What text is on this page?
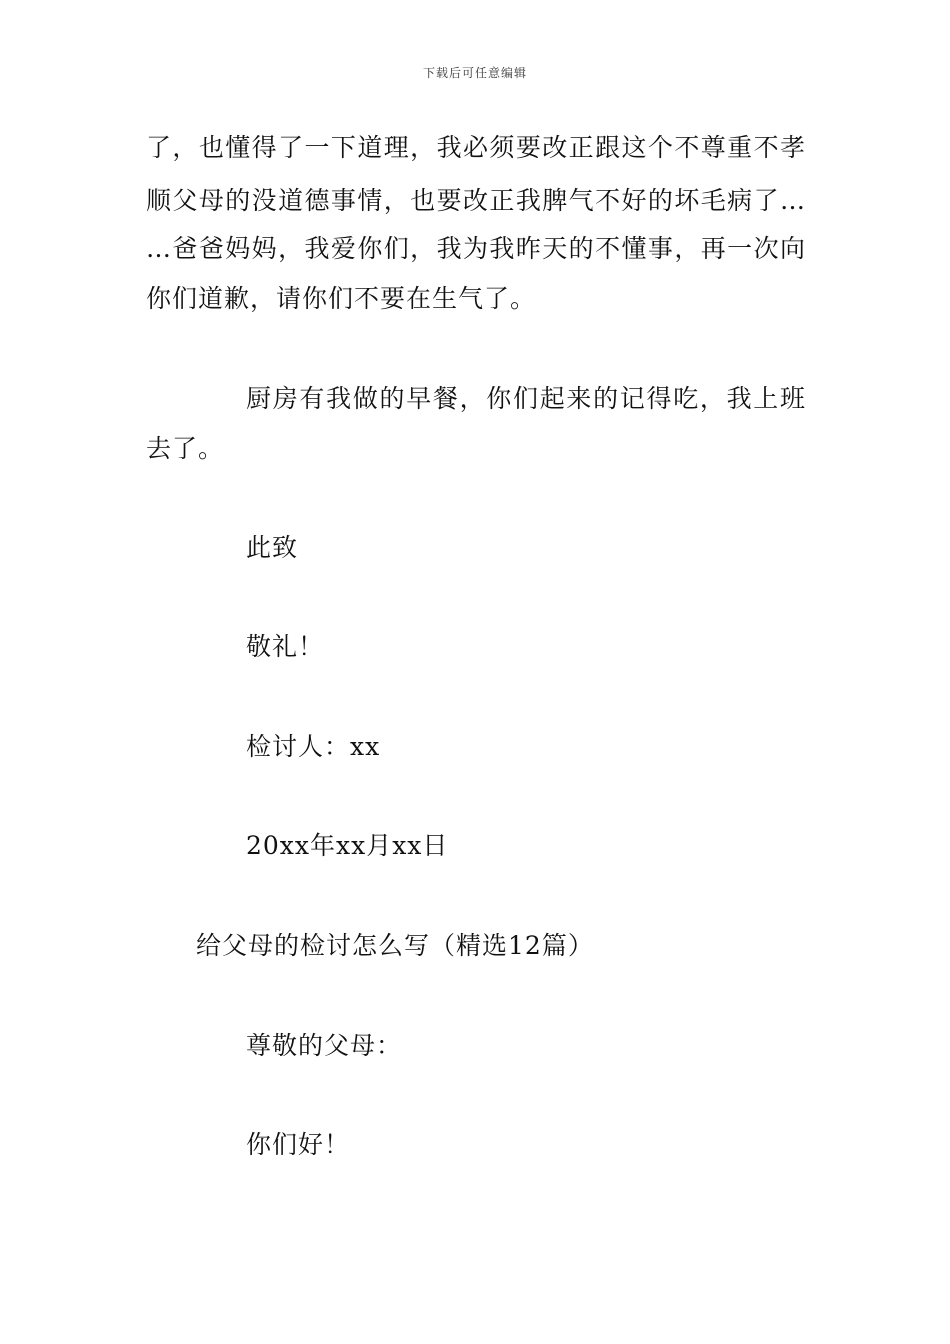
下载后可任意编辑
了，也懂得了一下道理，我必须要改正跟这个不尊重不孝
顺父母的没道德事情，也要改正我脾气不好的坏毛病了…
…爸爸妈妈，我爱你们，我为我昨天的不懂事，再一次向
你们道歉，请你们不要在生气了。
厨房有我做的早餐，你们起来的记得吃，我上班
去了。
此致
敬礼！
检讨人：xx
20xx年xx月xx日
给父母的检讨怎么写（精选12篇）
尊敬的父母：
你们好！
